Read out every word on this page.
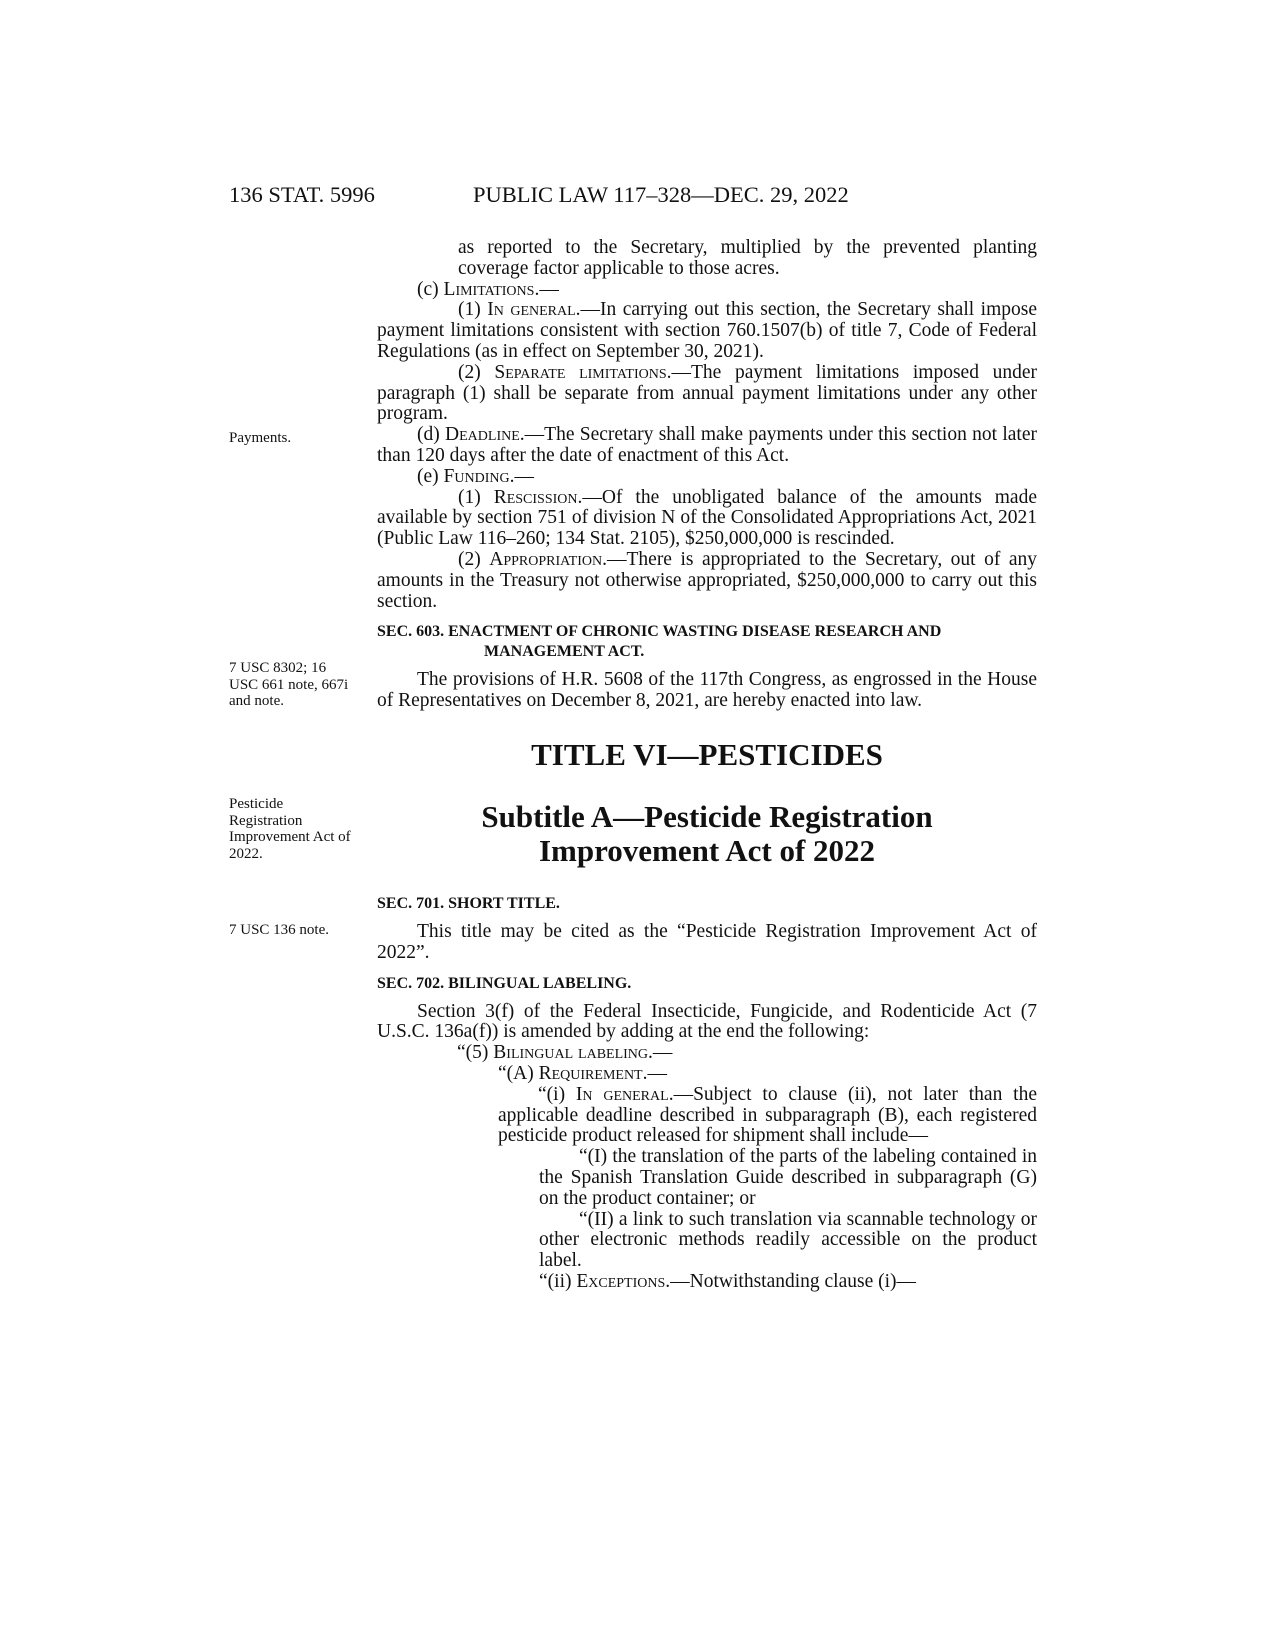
136 STAT. 5996	PUBLIC LAW 117–328—DEC. 29, 2022
Payments.
7 USC 8302; 16 USC 661 note, 667i and note.
Pesticide Registration Improvement Act of 2022.
7 USC 136 note.

as reported to the Secretary, multiplied by the prevented planting coverage factor applicable to those acres.

(c) Limitations.—

(1) In general.—In carrying out this section, the Secretary shall impose payment limitations consistent with section 760.1507(b) of title 7, Code of Federal Regulations (as in effect on September 30, 2021).

(2) Separate limitations.—The payment limitations imposed under paragraph (1) shall be separate from annual payment limitations under any other program.

(d) Deadline.—The Secretary shall make payments under this section not later than 120 days after the date of enactment of this Act.

(e) Funding.—

(1) Rescission.—Of the unobligated balance of the amounts made available by section 751 of division N of the Consolidated Appropriations Act, 2021 (Public Law 116–260; 134 Stat. 2105), $250,000,000 is rescinded.

(2) Appropriation.—There is appropriated to the Secretary, out of any amounts in the Treasury not otherwise appropriated, $250,000,000 to carry out this section.

SEC. 603. ENACTMENT OF CHRONIC WASTING DISEASE RESEARCH AND
MANAGEMENT ACT.

The provisions of H.R. 5608 of the 117th Congress, as engrossed in the House of Representatives on December 8, 2021, are hereby enacted into law.

TITLE VI—PESTICIDES

Subtitle A—Pesticide Registration
Improvement Act of 2022
SEC. 701. SHORT TITLE.

This title may be cited as the “Pesticide Registration Improvement Act of 2022”.

SEC. 702. BILINGUAL LABELING.

Section 3(f) of the Federal Insecticide, Fungicide, and Rodenticide Act (7 U.S.C. 136a(f)) is amended by adding at the end the following:

“(5) Bilingual labeling.—

“(A) Requirement.—

“(i) In general.—Subject to clause (ii), not later than the applicable deadline described in subparagraph (B), each registered pesticide product released for shipment shall include—

“(I) the translation of the parts of the labeling contained in the Spanish Translation Guide described in subparagraph (G) on the product container; or

“(II) a link to such translation via scannable technology or other electronic methods readily accessible on the product label.

“(ii) Exceptions.—Notwithstanding clause (i)—
